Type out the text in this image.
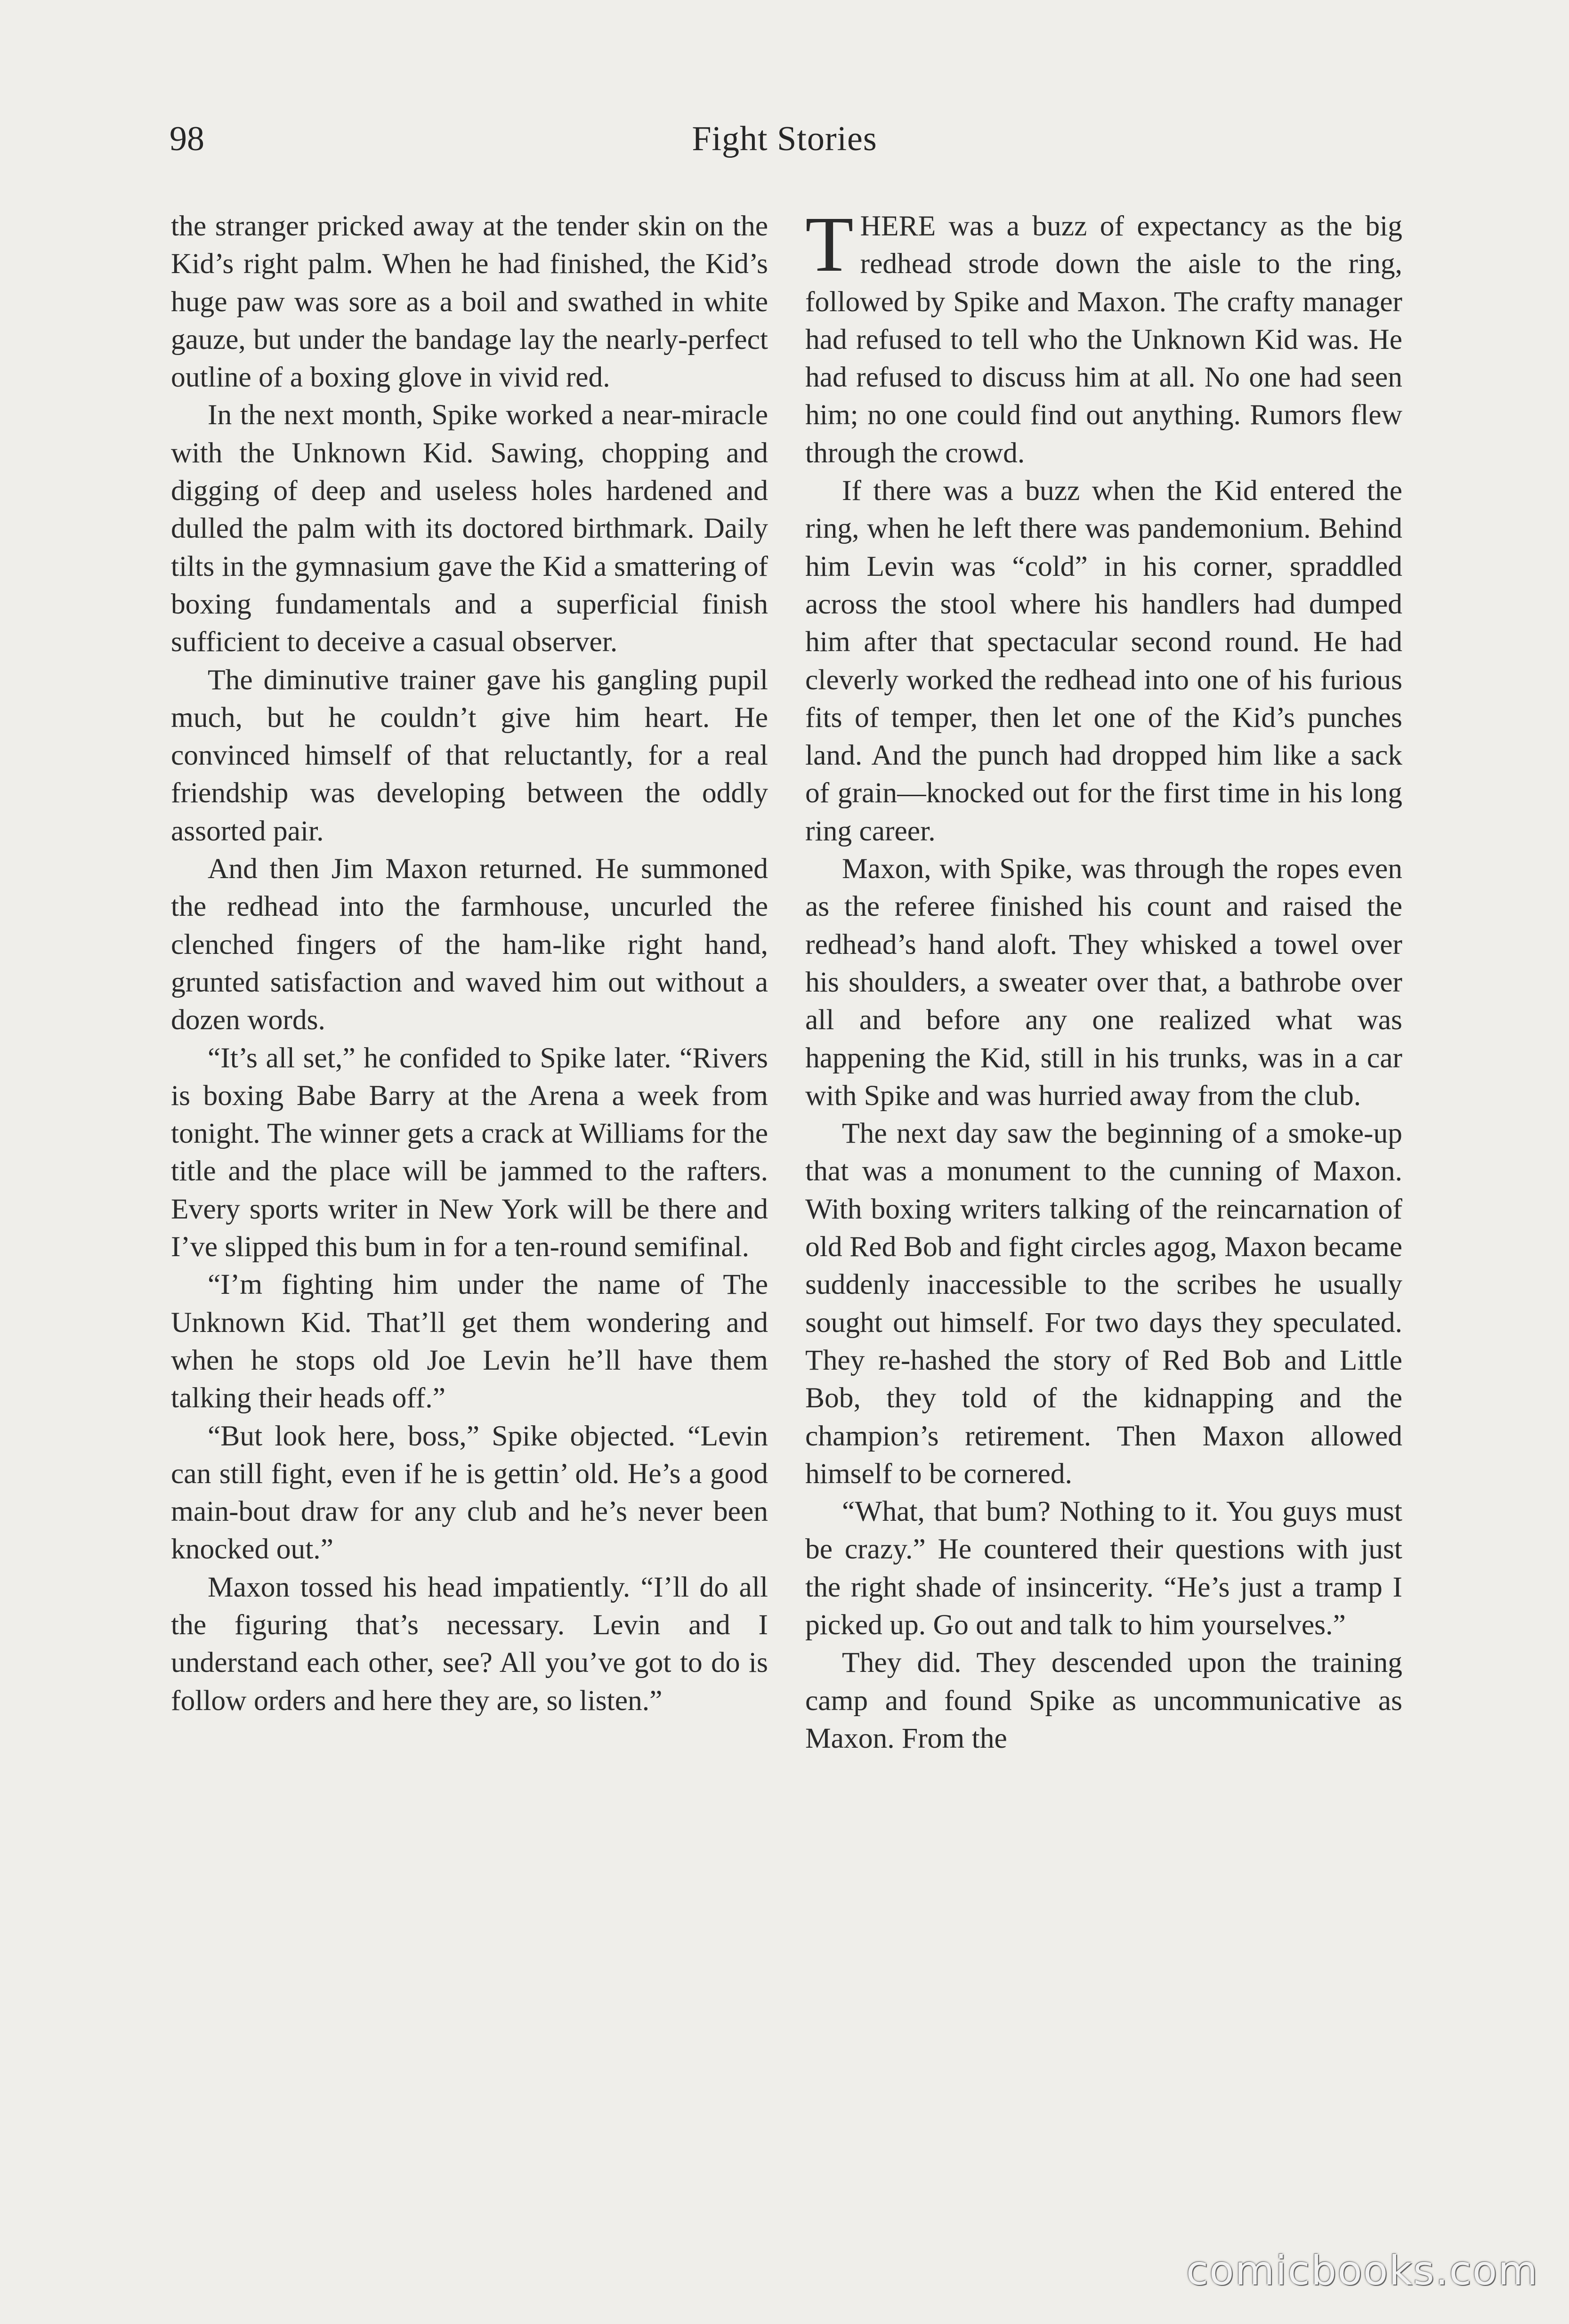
98	Fight Stories

the stranger pricked away at the tender skin on the Kid’s right palm. When he had finished, the Kid’s huge paw was sore as a boil and swathed in white gauze, but under the bandage lay the nearly-perfect outline of a boxing glove in vivid red.

In the next month, Spike worked a near-miracle with the Unknown Kid. Sawing, chopping and digging of deep and useless holes hardened and dulled the palm with its doctored birthmark. Daily tilts in the gymnasium gave the Kid a smattering of boxing fundamentals and a superficial finish sufficient to deceive a casual observer.

The diminutive trainer gave his gangling pupil much, but he couldn’t give him heart. He convinced himself of that reluctantly, for a real friendship was developing between the oddly assorted pair.

And then Jim Maxon returned. He summoned the redhead into the farmhouse, uncurled the clenched fingers of the ham-like right hand, grunted satisfaction and waved him out without a dozen words.

“It’s all set,” he confided to Spike later. “Rivers is boxing Babe Barry at the Arena a week from tonight. The winner gets a crack at Williams for the title and the place will be jammed to the rafters. Every sports writer in New York will be there and I’ve slipped this bum in for a ten-round semifinal.

“I’m fighting him under the name of The Unknown Kid. That’ll get them wondering and when he stops old Joe Levin he’ll have them talking their heads off.”

“But look here, boss,” Spike objected. “Levin can still fight, even if he is gettin’ old. He’s a good main-bout draw for any club and he’s never been knocked out.”

Maxon tossed his head impatiently. “I’ll do all the figuring that’s necessary. Levin and I understand each other, see? All you’ve got to do is follow orders and here they are, so listen.”

THERE was a buzz of expectancy as the big redhead strode down the aisle to the ring, followed by Spike and Maxon. The crafty manager had refused to tell who the Unknown Kid was. He had refused to discuss him at all. No one had seen him; no one could find out anything. Rumors flew through the crowd.

If there was a buzz when the Kid entered the ring, when he left there was pandemonium. Behind him Levin was “cold” in his corner, spraddled across the stool where his handlers had dumped him after that spectacular second round. He had cleverly worked the redhead into one of his furious fits of temper, then let one of the Kid’s punches land. And the punch had dropped him like a sack of grain—knocked out for the first time in his long ring career.

Maxon, with Spike, was through the ropes even as the referee finished his count and raised the redhead’s hand aloft. They whisked a towel over his shoulders, a sweater over that, a bathrobe over all and before any one realized what was happening the Kid, still in his trunks, was in a car with Spike and was hurried away from the club.

The next day saw the beginning of a smoke-up that was a monument to the cunning of Maxon. With boxing writers talking of the reincarnation of old Red Bob and fight circles agog, Maxon became suddenly inaccessible to the scribes he usually sought out himself. For two days they speculated. They re-hashed the story of Red Bob and Little Bob, they told of the kidnapping and the champion’s retirement. Then Maxon allowed himself to be cornered.

“What, that bum? Nothing to it. You guys must be crazy.” He countered their questions with just the right shade of insincerity. “He’s just a tramp I picked up. Go out and talk to him yourselves.”

They did. They descended upon the training camp and found Spike as uncommunicative as Maxon. From the

comicbooks.com
